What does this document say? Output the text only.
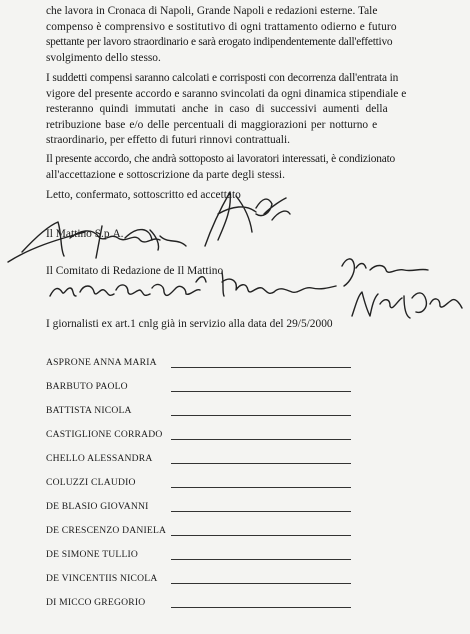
che lavora in Cronaca di Napoli, Grande Napoli e redazioni esterne. Tale
compenso è comprensivo e sostitutivo di ogni trattamento odierno e futuro
spettante per lavoro straordinario e sarà erogato indipendentemente dall'effettivo
svolgimento dello stesso.

I suddetti compensi saranno calcolati e corrisposti con decorrenza dall'entrata in
vigore del presente accordo e saranno svincolati da ogni dinamica stipendiale e
resteranno quindi immutati anche in caso di successivi aumenti della
retribuzione base e/o delle percentuali di maggiorazioni per notturno e
straordinario, per effetto di futuri rinnovi contrattuali.

Il presente accordo, che andrà sottoposto ai lavoratori interessati, è condizionato
all'accettazione e sottoscrizione da parte degli stessi.

Letto, confermato, sottoscritto ed accettato

Il Mattino S.p.A.

Il Comitato di Redazione de Il Mattino

I giornalisti ex art.1 cnlg già in servizio alla data del 29/5/2000

ASPRONE ANNA MARIA
BARBUTO PAOLO
BATTISTA NICOLA
CASTIGLIONE CORRADO
CHELLO ALESSANDRA
COLUZZI CLAUDIO
DE BLASIO GIOVANNI
DE CRESCENZO DANIELA
DE SIMONE TULLIO
DE VINCENTIIS NICOLA
DI MICCO GREGORIO
